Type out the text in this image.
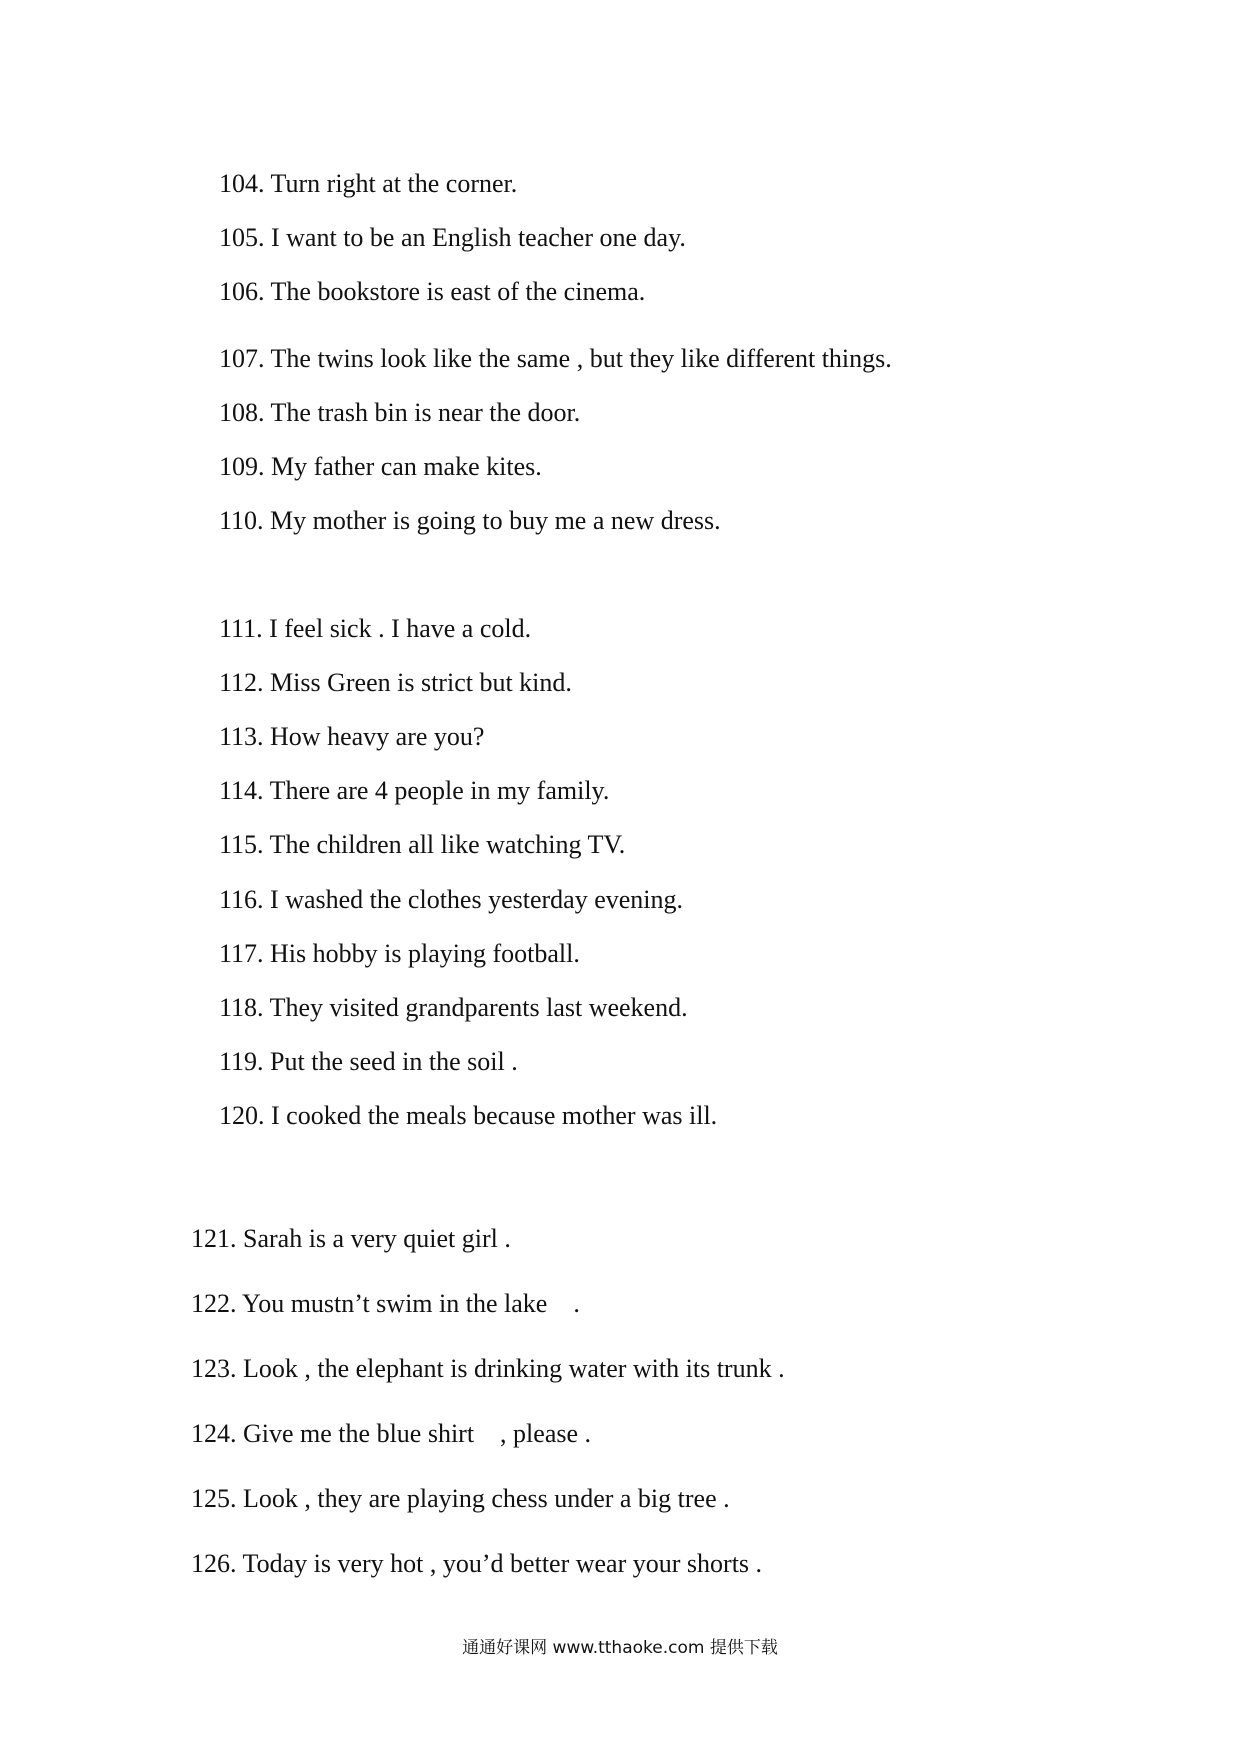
104. Turn right at the corner.

105. I want to be an English teacher one day.

106. The bookstore is east of the cinema.

107. The twins look like the same , but they like different things.

108. The trash bin is near the door.

109. My father can make kites.

110. My mother is going to buy me a new dress.

111. I feel sick . I have a cold.

112. Miss Green is strict but kind.

113. How heavy are you?

114. There are 4 people in my family.

115. The children all like watching TV.

116. I washed the clothes yesterday evening.

117. His hobby is playing football.

118. They visited grandparents last weekend.

119. Put the seed in the soil .

120. I cooked the meals because mother was ill.

121. Sarah is a very quiet girl .

122. You mustn’t swim in the lake    .

123. Look , the elephant is drinking water with its trunk .

124. Give me the blue shirt    , please .

125. Look , they are playing chess under a big tree .

126. Today is very hot , you’d better wear your shorts .

通通好课网 www.tthaoke.com 提供下载
